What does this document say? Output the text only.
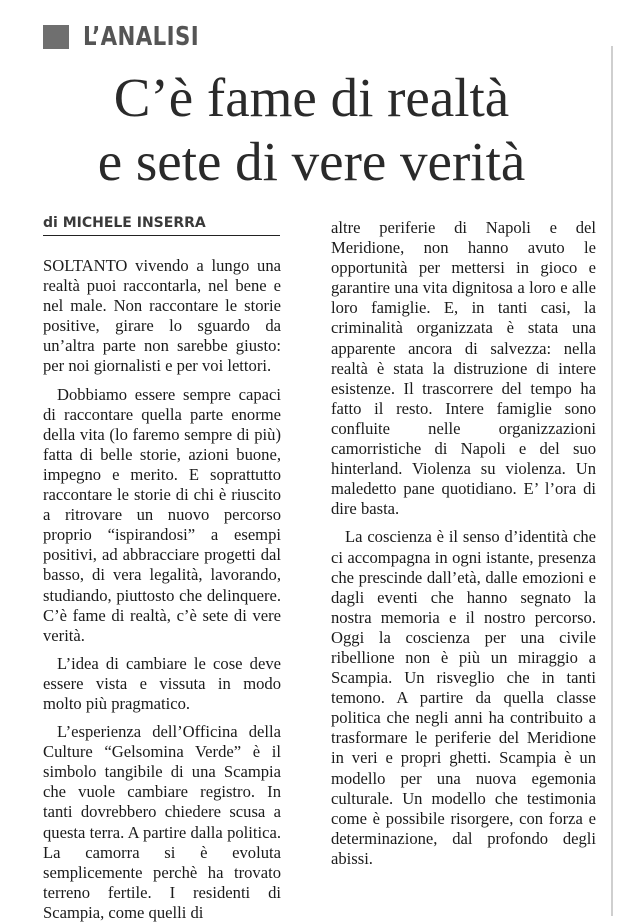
L’ANALISI
C’è fame di realtà
e sete di vere verità
di MICHELE INSERRA

SOLTANTO vivendo a lungo una realtà puoi raccontarla, nel bene e nel male. Non raccontare le storie positive, girare lo sguardo da un’altra parte non sarebbe giusto: per noi giornalisti e per voi lettori.

Dobbiamo essere sempre capaci di raccontare quella parte enorme della vita (lo faremo sempre di più) fatta di belle storie, azioni buone, impegno e merito. E soprattutto raccontare le storie di chi è riuscito a ritrovare un nuovo percorso proprio “ispirandosi” a esempi positivi, ad abbracciare progetti dal basso, di vera legalità, lavorando, studiando, piuttosto che delinquere. C’è fame di realtà, c’è sete di vere verità.

L’idea di cambiare le cose deve essere vista e vissuta in modo molto più pragmatico.

L’esperienza dell’Officina della Culture “Gelsomina Verde” è il simbolo tangibile di una Scampia che vuole cambiare registro. In tanti dovrebbero chiedere scusa a questa terra. A partire dalla politica. La camorra si è evoluta semplicemente perchè ha trovato terreno fertile. I residenti di Scampia, come quelli di

altre periferie di Napoli e del Meridione, non hanno avuto le opportunità per mettersi in gioco e garantire una vita dignitosa a loro e alle loro famiglie. E, in tanti casi, la criminalità organizzata è stata una apparente ancora di salvezza: nella realtà è stata la distruzione di intere esistenze. Il trascorrere del tempo ha fatto il resto. Intere famiglie sono confluite nelle organizzazioni camorristiche di Napoli e del suo hinterland. Violenza su violenza. Un maledetto pane quotidiano. E’ l’ora di dire basta.

La coscienza è il senso d’identità che ci accompagna in ogni istante, presenza che prescinde dall’età, dalle emozioni e dagli eventi che hanno segnato la nostra memoria e il nostro percorso. Oggi la coscienza per una civile ribellione non è più un miraggio a Scampia. Un risveglio che in tanti temono. A partire da quella classe politica che negli anni ha contribuito a trasformare le periferie del Meridione in veri e propri ghetti. Scampia è un modello per una nuova egemonia culturale. Un modello che testimonia come è possibile risorgere, con forza e determinazione, dal profondo degli abissi.
